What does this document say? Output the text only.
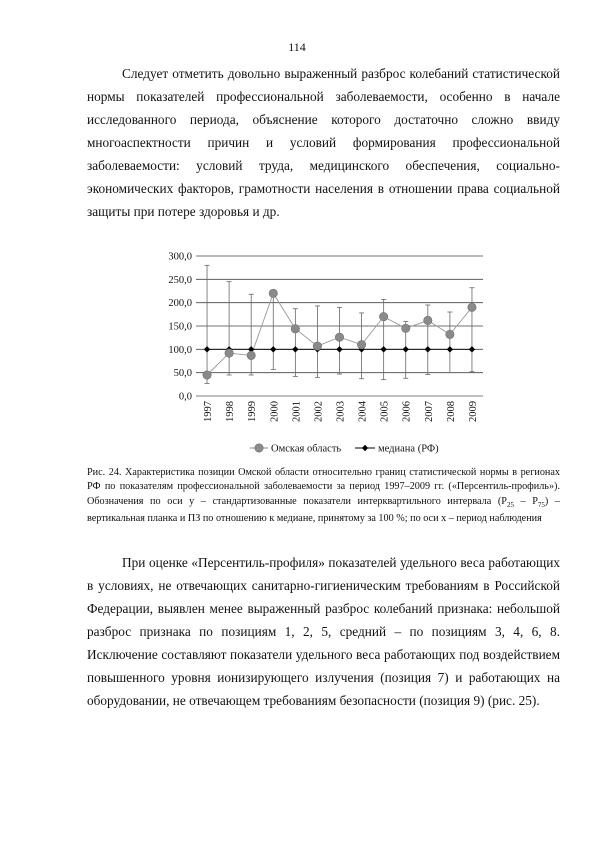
114
Следует отметить довольно выраженный разброс колебаний статистической нормы показателей профессиональной заболеваемости, особенно в начале исследованного периода, объяснение которого достаточно сложно ввиду многоаспектности причин и условий формирования профессиональной заболеваемости: условий труда, медицинского обеспечения, социально-экономических факторов, грамотности населения в отношении права социальной защиты при потере здоровья и др.
0,0
50,0
100,0
150,0
200,0
250,0
300,0
1997 1998 1999 2000 2001 2002 2003 2004 2005 2006 2007 2008 2009
Омская область	медиана (РФ)
Рис. 24. Характеристика позиции Омской области относительно границ статистической нормы в регионах РФ по показателям профессиональной заболеваемости за период 1997–2009 гг. («Персентиль-профиль»). Обозначения по оси y – стандартизованные показатели интерквартильного интервала $(P_{25} - P_{75})$ – вертикальная планка и ПЗ по отношению к медиане, принятому за 100 %; по оси x – период наблюдения
При оценке «Персентиль-профиля» показателей удельного веса работающих в условиях, не отвечающих санитарно-гигиеническим требованиям в Российской Федерации, выявлен менее выраженный разброс колебаний признака: небольшой разброс признака по позициям 1, 2, 5, средний – по позициям 3, 4, 6, 8. Исключение составляют показатели удельного веса работающих под воздействием повышенного уровня ионизирующего излучения (позиция 7) и работающих на оборудовании, не отвечающем требованиям безопасности (позиция 9) (рис. 25).
